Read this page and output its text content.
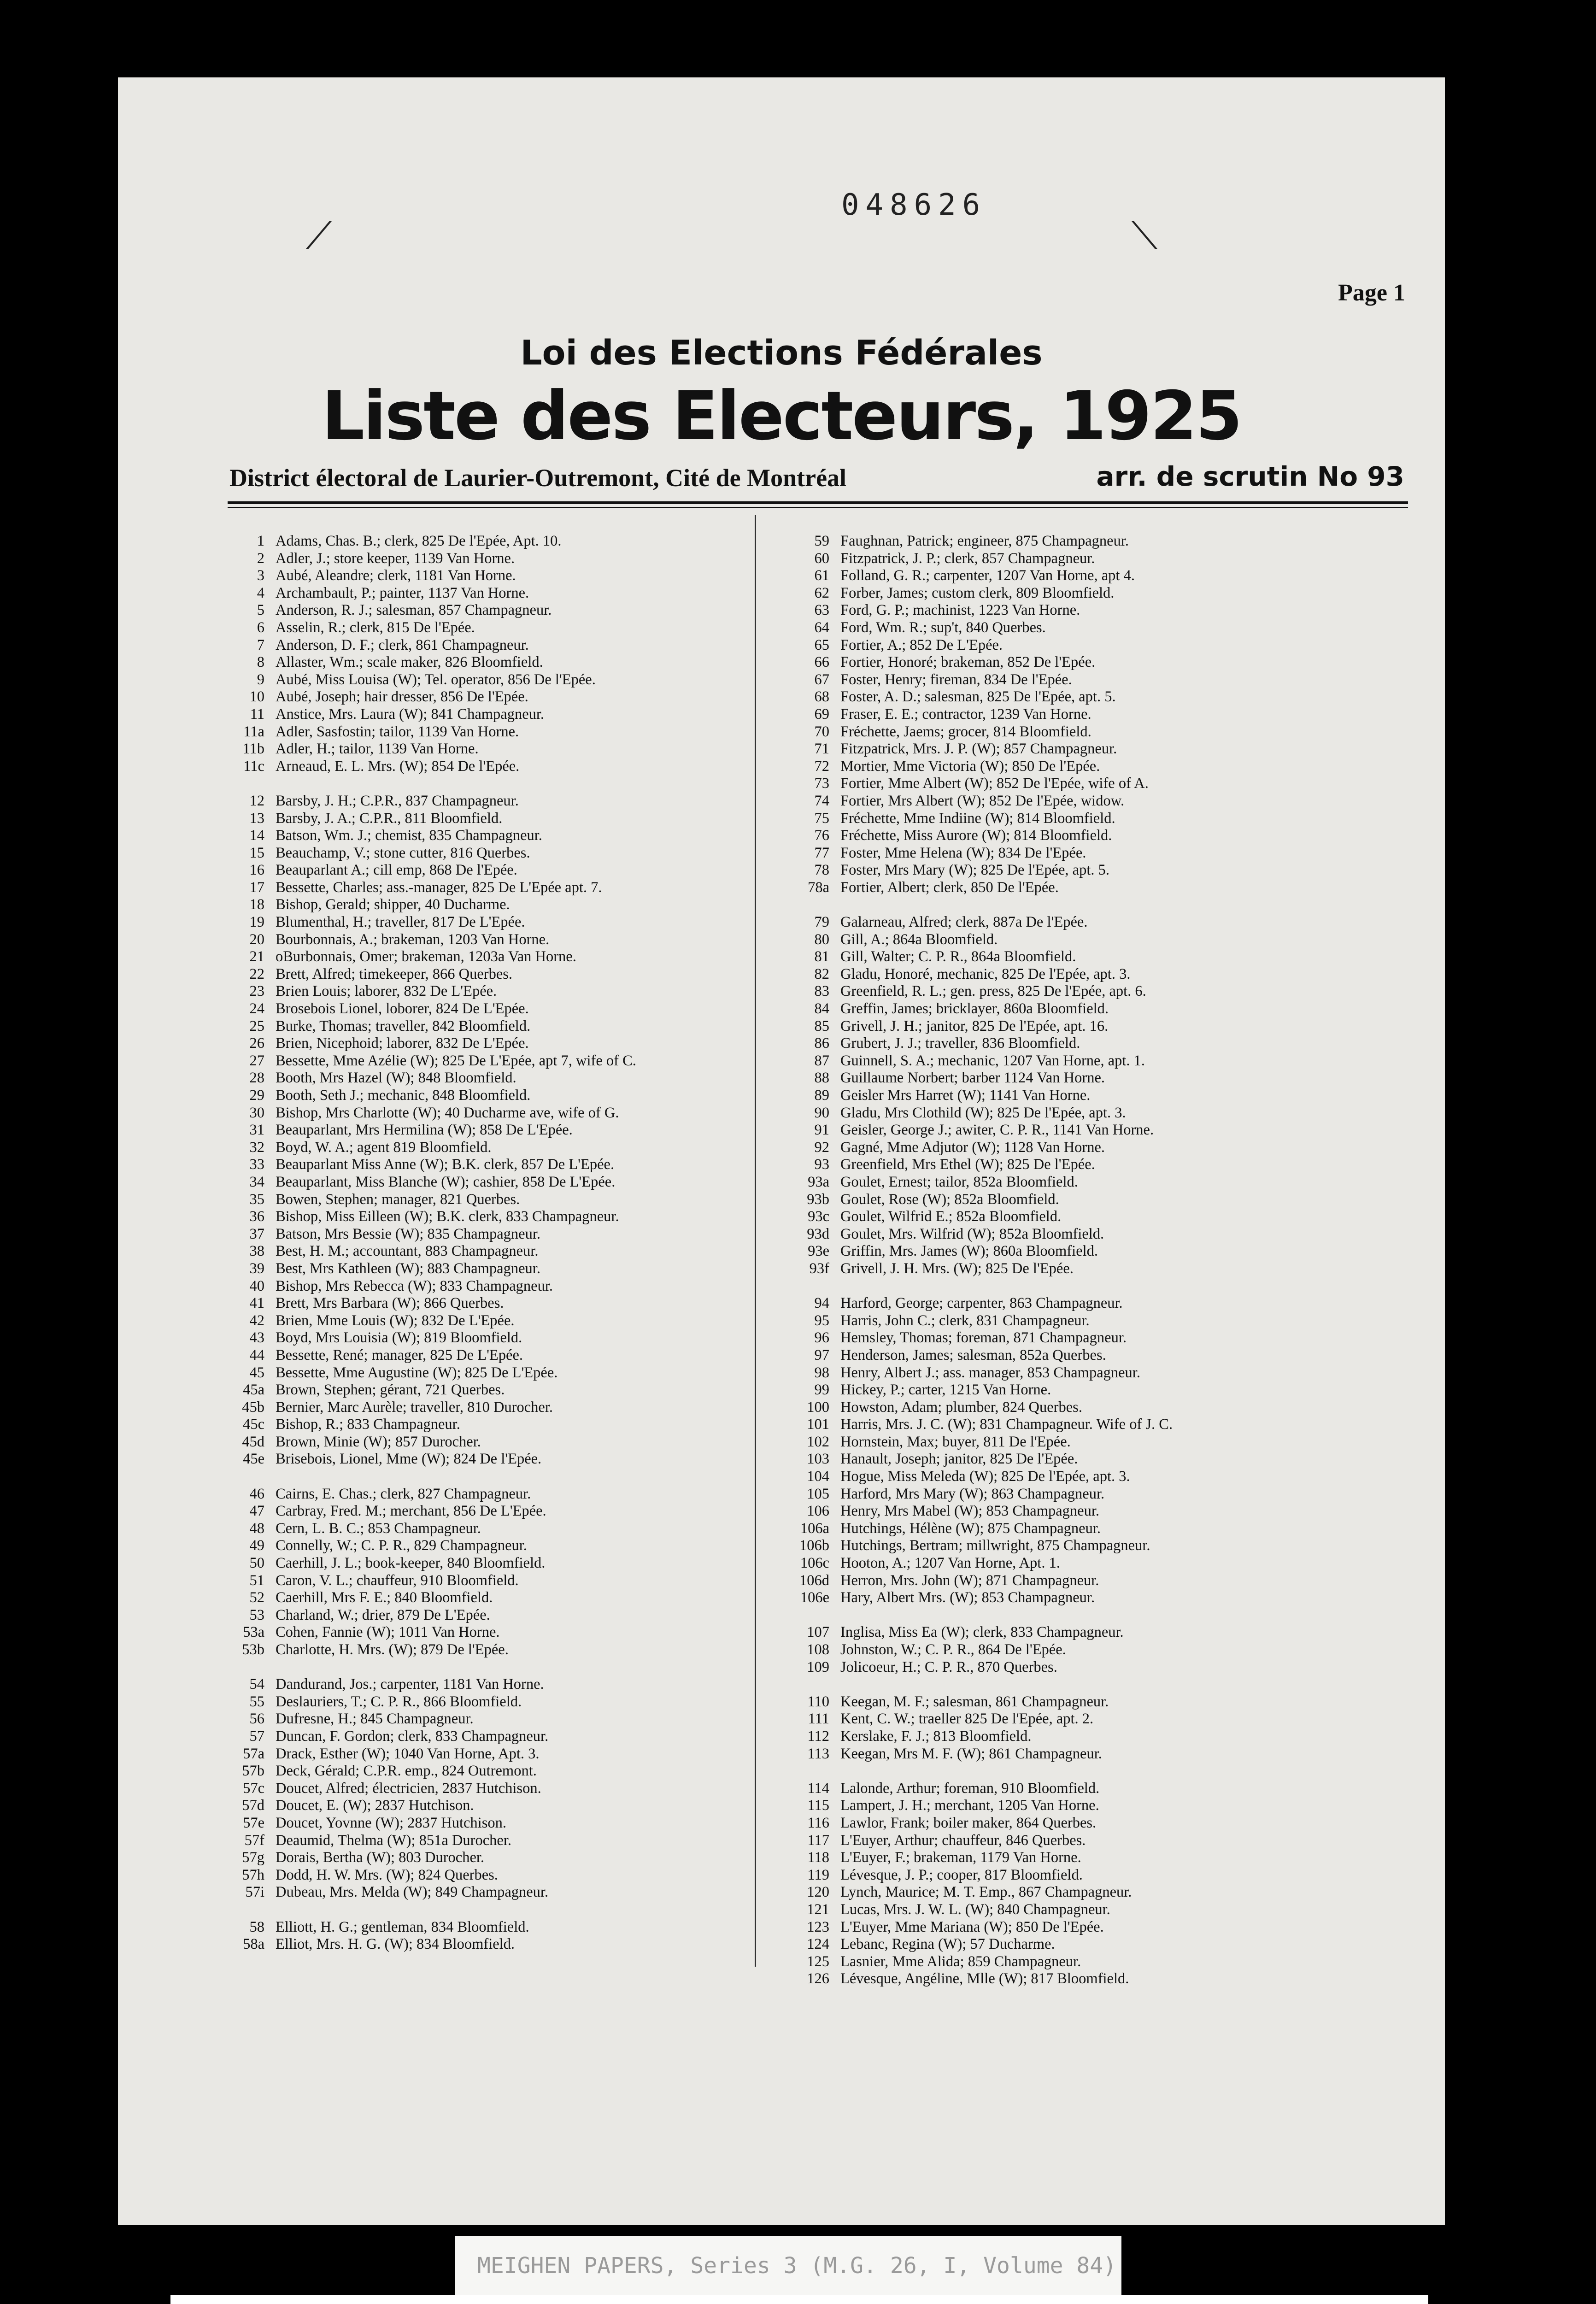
⟋	⟍
048626
Page 1
Loi des Elections Fédérales
Liste des Electeurs, 1925
District électoral de Laurier-Outremont, Cité de Montréal	arr. de scrutin No 93
1 Adams, Chas. B.; clerk, 825 De l'Epée, Apt. 10.
2 Adler, J.; store keeper, 1139 Van Horne.
3 Aubé, Aleandre; clerk, 1181 Van Horne.
4 Archambault, P.; painter, 1137 Van Horne.
5 Anderson, R. J.; salesman, 857 Champagneur.
6 Asselin, R.; clerk, 815 De l'Epée.
7 Anderson, D. F.; clerk, 861 Champagneur.
8 Allaster, Wm.; scale maker, 826 Bloomfield.
9 Aubé, Miss Louisa (W); Tel. operator, 856 De l'Epée.
10 Aubé, Joseph; hair dresser, 856 De l'Epée.
11 Anstice, Mrs. Laura (W); 841 Champagneur.
11a Adler, Sasfostin; tailor, 1139 Van Horne.
11b Adler, H.; tailor, 1139 Van Horne.
11c Arneaud, E. L. Mrs. (W); 854 De l'Epée.
12 Barsby, J. H.; C.P.R., 837 Champagneur.
13 Barsby, J. A.; C.P.R., 811 Bloomfield.
14 Batson, Wm. J.; chemist, 835 Champagneur.
15 Beauchamp, V.; stone cutter, 816 Querbes.
16 Beauparlant A.; cill emp, 868 De l'Epée.
17 Bessette, Charles; ass.-manager, 825 De L'Epée apt. 7.
18 Bishop, Gerald; shipper, 40 Ducharme.
19 Blumenthal, H.; traveller, 817 De L'Epée.
20 Bourbonnais, A.; brakeman, 1203 Van Horne.
21 oBurbonnais, Omer; brakeman, 1203a Van Horne.
22 Brett, Alfred; timekeeper, 866 Querbes.
23 Brien Louis; laborer, 832 De L'Epée.
24 Brosebois Lionel, loborer, 824 De L'Epée.
25 Burke, Thomas; traveller, 842 Bloomfield.
26 Brien, Nicephoid; laborer, 832 De L'Epée.
27 Bessette, Mme Azélie (W); 825 De L'Epée, apt 7, wife of C.
28 Booth, Mrs Hazel (W); 848 Bloomfield.
29 Booth, Seth J.; mechanic, 848 Bloomfield.
30 Bishop, Mrs Charlotte (W); 40 Ducharme ave, wife of G.
31 Beauparlant, Mrs Hermilina (W); 858 De L'Epée.
32 Boyd, W. A.; agent 819 Bloomfield.
33 Beauparlant Miss Anne (W); B.K. clerk, 857 De L'Epée.
34 Beauparlant, Miss Blanche (W); cashier, 858 De L'Epée.
35 Bowen, Stephen; manager, 821 Querbes.
36 Bishop, Miss Eilleen (W); B.K. clerk, 833 Champagneur.
37 Batson, Mrs Bessie (W); 835 Champagneur.
38 Best, H. M.; accountant, 883 Champagneur.
39 Best, Mrs Kathleen (W); 883 Champagneur.
40 Bishop, Mrs Rebecca (W); 833 Champagneur.
41 Brett, Mrs Barbara (W); 866 Querbes.
42 Brien, Mme Louis (W); 832 De L'Epée.
43 Boyd, Mrs Louisia (W); 819 Bloomfield.
44 Bessette, René; manager, 825 De L'Epée.
45 Bessette, Mme Augustine (W); 825 De L'Epée.
45a Brown, Stephen; gérant, 721 Querbes.
45b Bernier, Marc Aurèle; traveller, 810 Durocher.
45c Bishop, R.; 833 Champagneur.
45d Brown, Minie (W); 857 Durocher.
45e Brisebois, Lionel, Mme (W); 824 De l'Epée.
46 Cairns, E. Chas.; clerk, 827 Champagneur.
47 Carbray, Fred. M.; merchant, 856 De L'Epée.
48 Cern, L. B. C.; 853 Champagneur.
49 Connelly, W.; C. P. R., 829 Champagneur.
50 Caerhill, J. L.; book-keeper, 840 Bloomfield.
51 Caron, V. L.; chauffeur, 910 Bloomfield.
52 Caerhill, Mrs F. E.; 840 Bloomfield.
53 Charland, W.; drier, 879 De L'Epée.
53a Cohen, Fannie (W); 1011 Van Horne.
53b Charlotte, H. Mrs. (W); 879 De l'Epée.
54 Dandurand, Jos.; carpenter, 1181 Van Horne.
55 Deslauriers, T.; C. P. R., 866 Bloomfield.
56 Dufresne, H.; 845 Champagneur.
57 Duncan, F. Gordon; clerk, 833 Champagneur.
57a Drack, Esther (W); 1040 Van Horne, Apt. 3.
57b Deck, Gérald; C.P.R. emp., 824 Outremont.
57c Doucet, Alfred; électricien, 2837 Hutchison.
57d Doucet, E. (W); 2837 Hutchison.
57e Doucet, Yovnne (W); 2837 Hutchison.
57f Deaumid, Thelma (W); 851a Durocher.
57g Dorais, Bertha (W); 803 Durocher.
57h Dodd, H. W. Mrs. (W); 824 Querbes.
57i Dubeau, Mrs. Melda (W); 849 Champagneur.
58 Elliott, H. G.; gentleman, 834 Bloomfield.
58a Elliot, Mrs. H. G. (W); 834 Bloomfield.
59 Faughnan, Patrick; engineer, 875 Champagneur.
60 Fitzpatrick, J. P.; clerk, 857 Champagneur.
61 Folland, G. R.; carpenter, 1207 Van Horne, apt 4.
62 Forber, James; custom clerk, 809 Bloomfield.
63 Ford, G. P.; machinist, 1223 Van Horne.
64 Ford, Wm. R.; sup't, 840 Querbes.
65 Fortier, A.; 852 De L'Epée.
66 Fortier, Honoré; brakeman, 852 De l'Epée.
67 Foster, Henry; fireman, 834 De l'Epée.
68 Foster, A. D.; salesman, 825 De l'Epée, apt. 5.
69 Fraser, E. E.; contractor, 1239 Van Horne.
70 Fréchette, Jaems; grocer, 814 Bloomfield.
71 Fitzpatrick, Mrs. J. P. (W); 857 Champagneur.
72 Mortier, Mme Victoria (W); 850 De l'Epée.
73 Fortier, Mme Albert (W); 852 De l'Epée, wife of A.
74 Fortier, Mrs Albert (W); 852 De l'Epée, widow.
75 Fréchette, Mme Indiine (W); 814 Bloomfield.
76 Fréchette, Miss Aurore (W); 814 Bloomfield.
77 Foster, Mme Helena (W); 834 De l'Epée.
78 Foster, Mrs Mary (W); 825 De l'Epée, apt. 5.
78a Fortier, Albert; clerk, 850 De l'Epée.
79 Galarneau, Alfred; clerk, 887a De l'Epée.
80 Gill, A.; 864a Bloomfield.
81 Gill, Walter; C. P. R., 864a Bloomfield.
82 Gladu, Honoré, mechanic, 825 De l'Epée, apt. 3.
83 Greenfield, R. L.; gen. press, 825 De l'Epée, apt. 6.
84 Greffin, James; bricklayer, 860a Bloomfield.
85 Grivell, J. H.; janitor, 825 De l'Epée, apt. 16.
86 Grubert, J. J.; traveller, 836 Bloomfield.
87 Guinnell, S. A.; mechanic, 1207 Van Horne, apt. 1.
88 Guillaume Norbert; barber 1124 Van Horne.
89 Geisler Mrs Harret (W); 1141 Van Horne.
90 Gladu, Mrs Clothild (W); 825 De l'Epée, apt. 3.
91 Geisler, George J.; awiter, C. P. R., 1141 Van Horne.
92 Gagné, Mme Adjutor (W); 1128 Van Horne.
93 Greenfield, Mrs Ethel (W); 825 De l'Epée.
93a Goulet, Ernest; tailor, 852a Bloomfield.
93b Goulet, Rose (W); 852a Bloomfield.
93c Goulet, Wilfrid E.; 852a Bloomfield.
93d Goulet, Mrs. Wilfrid (W); 852a Bloomfield.
93e Griffin, Mrs. James (W); 860a Bloomfield.
93f Grivell, J. H. Mrs. (W); 825 De l'Epée.
94 Harford, George; carpenter, 863 Champagneur.
95 Harris, John C.; clerk, 831 Champagneur.
96 Hemsley, Thomas; foreman, 871 Champagneur.
97 Henderson, James; salesman, 852a Querbes.
98 Henry, Albert J.; ass. manager, 853 Champagneur.
99 Hickey, P.; carter, 1215 Van Horne.
100 Howston, Adam; plumber, 824 Querbes.
101 Harris, Mrs. J. C. (W); 831 Champagneur. Wife of J. C.
102 Hornstein, Max; buyer, 811 De l'Epée.
103 Hanault, Joseph; janitor, 825 De l'Epée.
104 Hogue, Miss Meleda (W); 825 De l'Epée, apt. 3.
105 Harford, Mrs Mary (W); 863 Champagneur.
106 Henry, Mrs Mabel (W); 853 Champagneur.
106a Hutchings, Hélène (W); 875 Champagneur.
106b Hutchings, Bertram; millwright, 875 Champagneur.
106c Hooton, A.; 1207 Van Horne, Apt. 1.
106d Herron, Mrs. John (W); 871 Champagneur.
106e Hary, Albert Mrs. (W); 853 Champagneur.
107 Inglisa, Miss Ea (W); clerk, 833 Champagneur.
108 Johnston, W.; C. P. R., 864 De l'Epée.
109 Jolicoeur, H.; C. P. R., 870 Querbes.
110 Keegan, M. F.; salesman, 861 Champagneur.
111 Kent, C. W.; traeller 825 De l'Epée, apt. 2.
112 Kerslake, F. J.; 813 Bloomfield.
113 Keegan, Mrs M. F. (W); 861 Champagneur.
114 Lalonde, Arthur; foreman, 910 Bloomfield.
115 Lampert, J. H.; merchant, 1205 Van Horne.
116 Lawlor, Frank; boiler maker, 864 Querbes.
117 L'Euyer, Arthur; chauffeur, 846 Querbes.
118 L'Euyer, F.; brakeman, 1179 Van Horne.
119 Lévesque, J. P.; cooper, 817 Bloomfield.
120 Lynch, Maurice; M. T. Emp., 867 Champagneur.
121 Lucas, Mrs. J. W. L. (W); 840 Champagneur.
123 L'Euyer, Mme Mariana (W); 850 De l'Epée.
124 Lebanc, Regina (W); 57 Ducharme.
125 Lasnier, Mme Alida; 859 Champagneur.
126 Lévesque, Angéline, Mlle (W); 817 Bloomfield.
MEIGHEN PAPERS, Series 3 (M.G. 26, I, Volume 84)
